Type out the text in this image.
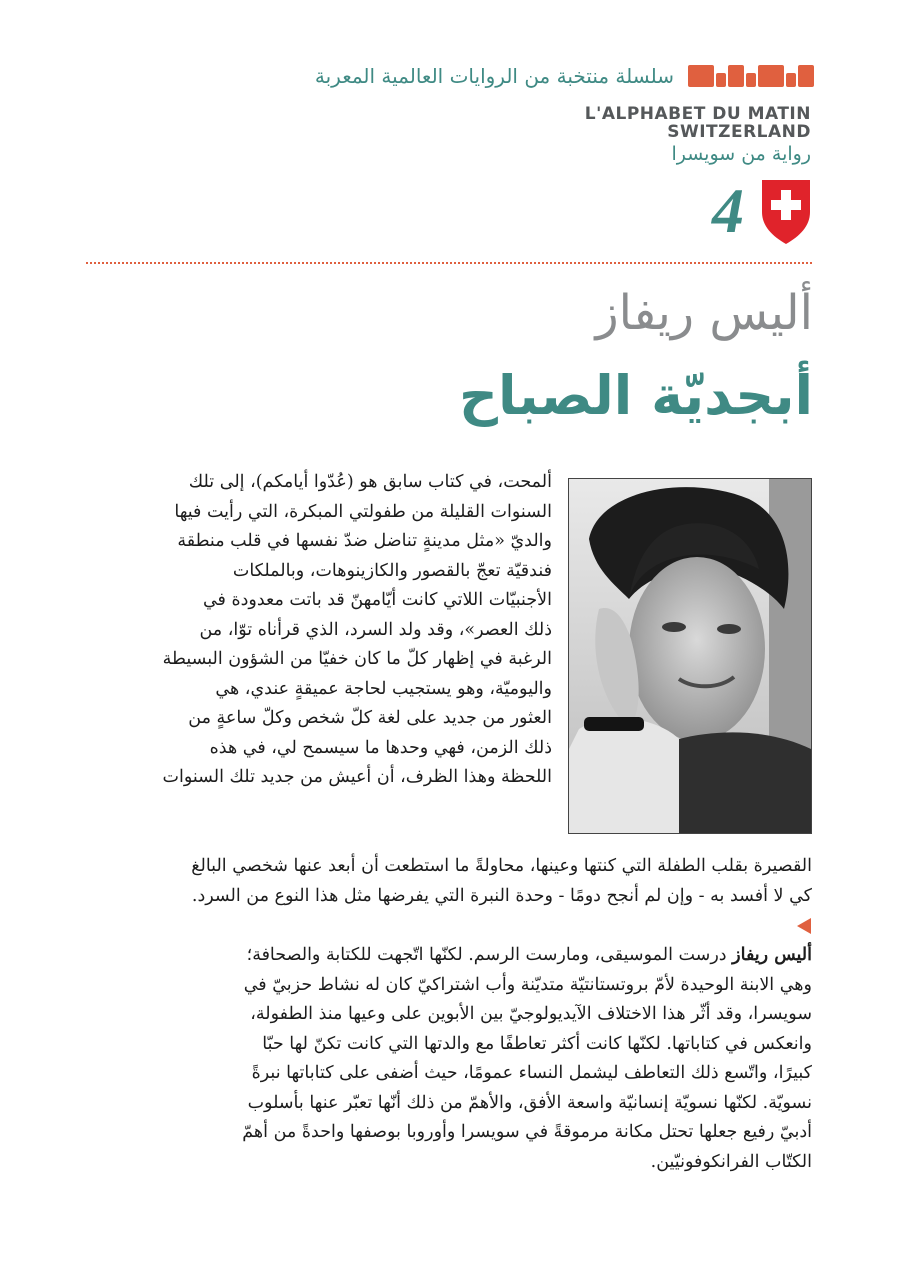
سلسلة منتخبة من الروايات العالمية المعربة
L'ALPHABET DU MATIN
SWITZERLAND
رواية من سويسرا
4
أليس ريفاز
أبجديّة الصباح

ألمحت، في كتاب سابق هو (عُدّوا أيامكم)، إلى تلك

السنوات القليلة من طفولتي المبكرة، التي رأيت فيها

والديّ «مثل مدينةٍ تناضل ضدّ نفسها في قلب منطقة

فندقيّة تعجّ بالقصور والكازينوهات، وبالملكات

الأجنبيّات اللاتي كانت أيّامهنّ قد باتت معدودة في

ذلك العصر»، وقد ولد السرد، الذي قرأناه توّا، من

الرغبة في إظهار كلّ ما كان خفيّا من الشؤون البسيطة

واليوميّة، وهو يستجيب لحاجة عميقةٍ عندي، هي

العثور من جديد على لغة كلّ شخص وكلّ ساعةٍ من

ذلك الزمن، فهي وحدها ما سيسمح لي، في هذه

اللحظة وهذا الظرف، أن أعيش من جديد تلك السنوات

القصيرة بقلب الطفلة التي كنتها وعينها، محاولةً ما استطعت أن أبعد عنها شخصي البالغ

كي لا أفسد به - وإن لم أنجح دومًا - وحدة النبرة التي يفرضها مثل هذا النوع من السرد.

أليس ريفاز درست الموسيقى، ومارست الرسم. لكنّها اتّجهت للكتابة والصحافة؛

وهي الابنة الوحيدة لأمّ بروتستانتيّة متديّنة وأب اشتراكيّ كان له نشاط حزبيّ في

سويسرا، وقد أثّر هذا الاختلاف الآيديولوجيّ بين الأبوين على وعيها منذ الطفولة،

وانعكس في كتاباتها. لكنّها كانت أكثر تعاطفًا مع والدتها التي كانت تكنّ لها حبّا

كبيرًا، واتّسع ذلك التعاطف ليشمل النساء عمومًا، حيث أضفى على كتاباتها نبرةً

نسويّة. لكنّها نسويّة إنسانيّة واسعة الأفق، والأهمّ من ذلك أنّها تعبّر عنها بأسلوب

أدبيّ رفيع جعلها تحتل مكانة مرموقةً في سويسرا وأوروبا بوصفها واحدةً من أهمّ

الكتّاب الفرانكوفونيّين.
